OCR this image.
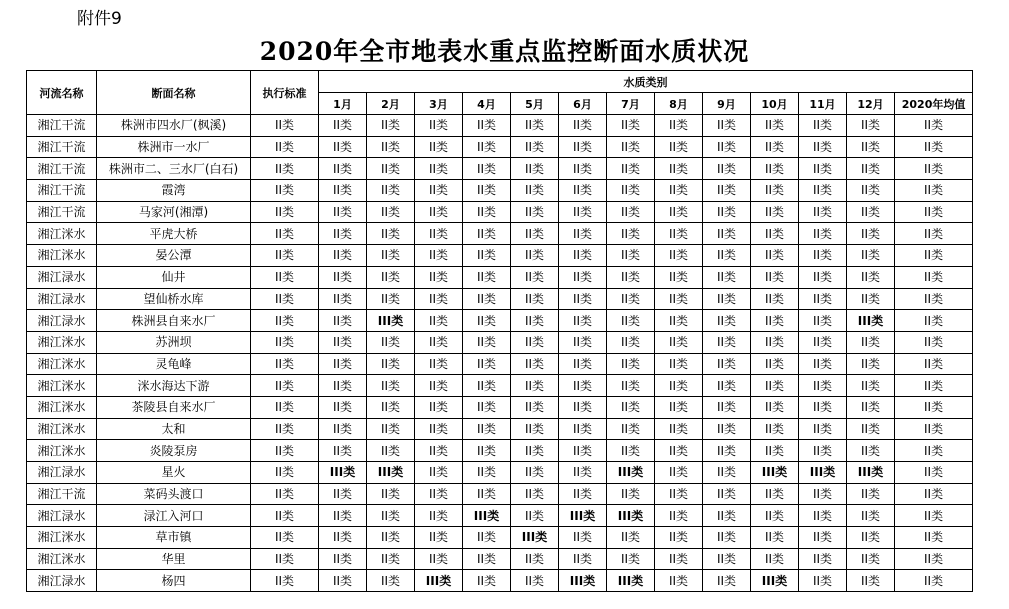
附件9
2020年全市地表水重点监控断面水质状况
河流名称	断面名称	执行标准	水质类别												
			1月	2月	3月	4月	5月	6月	7月	8月	9月	10月	11月	12月	2020年均值
湘江干流	株洲市四水厂(枫溪)	II类	II类	II类	II类	II类	II类	II类	II类	II类	II类	II类	II类	II类	II类
湘江干流	株洲市一水厂	II类	II类	II类	II类	II类	II类	II类	II类	II类	II类	II类	II类	II类	II类
湘江干流	株洲市二、三水厂(白石)	II类	II类	II类	II类	II类	II类	II类	II类	II类	II类	II类	II类	II类	II类
湘江干流	霞湾	II类	II类	II类	II类	II类	II类	II类	II类	II类	II类	II类	II类	II类	II类
湘江干流	马家河(湘潭)	II类	II类	II类	II类	II类	II类	II类	II类	II类	II类	II类	II类	II类	II类
湘江洣水	平虎大桥	II类	II类	II类	II类	II类	II类	II类	II类	II类	II类	II类	II类	II类	II类
湘江洣水	晏公潭	II类	II类	II类	II类	II类	II类	II类	II类	II类	II类	II类	II类	II类	II类
湘江渌水	仙井	II类	II类	II类	II类	II类	II类	II类	II类	II类	II类	II类	II类	II类	II类
湘江渌水	望仙桥水库	II类	II类	II类	II类	II类	II类	II类	II类	II类	II类	II类	II类	II类	II类
湘江渌水	株洲县自来水厂	II类	II类	III类	II类	II类	II类	II类	II类	II类	II类	II类	II类	III类	II类
湘江洣水	苏洲坝	II类	II类	II类	II类	II类	II类	II类	II类	II类	II类	II类	II类	II类	II类
湘江洣水	灵龟峰	II类	II类	II类	II类	II类	II类	II类	II类	II类	II类	II类	II类	II类	II类
湘江洣水	洣水海达下游	II类	II类	II类	II类	II类	II类	II类	II类	II类	II类	II类	II类	II类	II类
湘江洣水	茶陵县自来水厂	II类	II类	II类	II类	II类	II类	II类	II类	II类	II类	II类	II类	II类	II类
湘江洣水	太和	II类	II类	II类	II类	II类	II类	II类	II类	II类	II类	II类	II类	II类	II类
湘江洣水	炎陵泵房	II类	II类	II类	II类	II类	II类	II类	II类	II类	II类	II类	II类	II类	II类
湘江渌水	星火	II类	III类	III类	II类	II类	II类	II类	III类	II类	II类	III类	III类	III类	II类
湘江干流	菜码头渡口	II类	II类	II类	II类	II类	II类	II类	II类	II类	II类	II类	II类	II类	II类
湘江渌水	渌江入河口	II类	II类	II类	II类	III类	II类	III类	III类	II类	II类	II类	II类	II类	II类
湘江洣水	草市镇	II类	II类	II类	II类	II类	III类	II类	II类	II类	II类	II类	II类	II类	II类
湘江洣水	华里	II类	II类	II类	II类	II类	II类	II类	II类	II类	II类	II类	II类	II类	II类
湘江渌水	杨四	II类	II类	II类	III类	II类	II类	III类	III类	II类	II类	III类	II类	II类	II类
